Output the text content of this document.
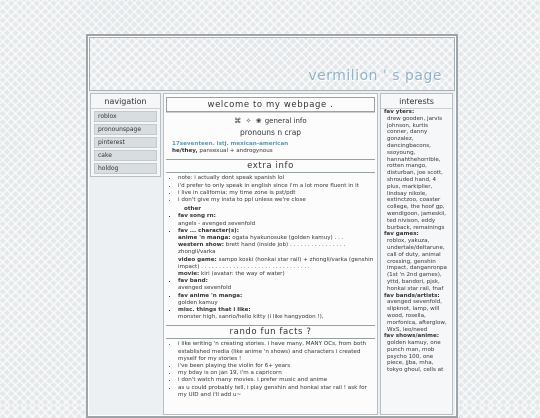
vermilion ' s page
navigation
roblox
pronounspage
pinterest
cake
holdog
welcome to my webpage .
⌘ ✧ ❀ general info
pronouns n crap
17seventeen. istj. mexican-american
he/they, pansexual + androgynous
extra info
• note: i actually dont speak spanish lol
• i'd prefer to only speak in english since i'm a lot more fluent in it
• i live in california; my time zone is pst/pdt
• i don't give my insta to ppl unless we're close
other
▪ fav song rn:
angels - avenged sevenfold
▪ fav ... character(s):
anime 'n manga: ogata hyakunosuke (golden kamuy) . . .
western show: brett hand (inside job) . . . . . . . . . . . . . . . . zhongli/varka
video game: sampo koski (honkai star rail) + zhongli/varka (genshin impact) . . . . . . . . . . . . . . . . . . . . . . . . . . . . . . .
movie: kiri (avatar: the way of water)
▪ fav band:
avenged sevenfold
▪ fav anime 'n manga:
golden kamuy
▪ misc. things that i like:
monster high, sanrio/hello kitty (i like hangyodon !),
rando fun facts ?
• i like writing 'n creating stories. i have many, MANY OCs, from both established media (like anime 'n shows) and characters i created myself for my stories !
• i've been playing the violin for 6+ years
• my bday is on jan 19, i'm a capricorn
• i don't watch many movies. i prefer music and anime
• as u could probably tell, i play genshin and honkai star rail ! ask for my UID and i'll add u~
interests
fav yters:
drew gooden, jarvis johnson, kurtis conner, danny gonzalez, dancingbacons, ssoyoung, hannahthehorrible, rotten mango, disturban, joe scott, shrouded hand, 4 plus, markiplier, lindsay nikole, extinctzoo, coaster college, the hoof gp, wendigoon, jameskii, ted nivison, eddy burback, remainings
fav games:
roblox, yakuza, undertale/deltarune, call of duty, animal crossing, genshin impact, danganronpa (1st 'n 2nd games), yttd, bandori, pjsk, honkai star rail, fnaf
fav bands/artists:
avenged sevenfold, slipknot, lamp, will wood, rosella, morfonica, afterglow, WxS, leo/need
fav shows/anime:
golden kamuy, one punch man, mob psycho 100, one piece, jjba, mha, tokyo ghoul, cells at
